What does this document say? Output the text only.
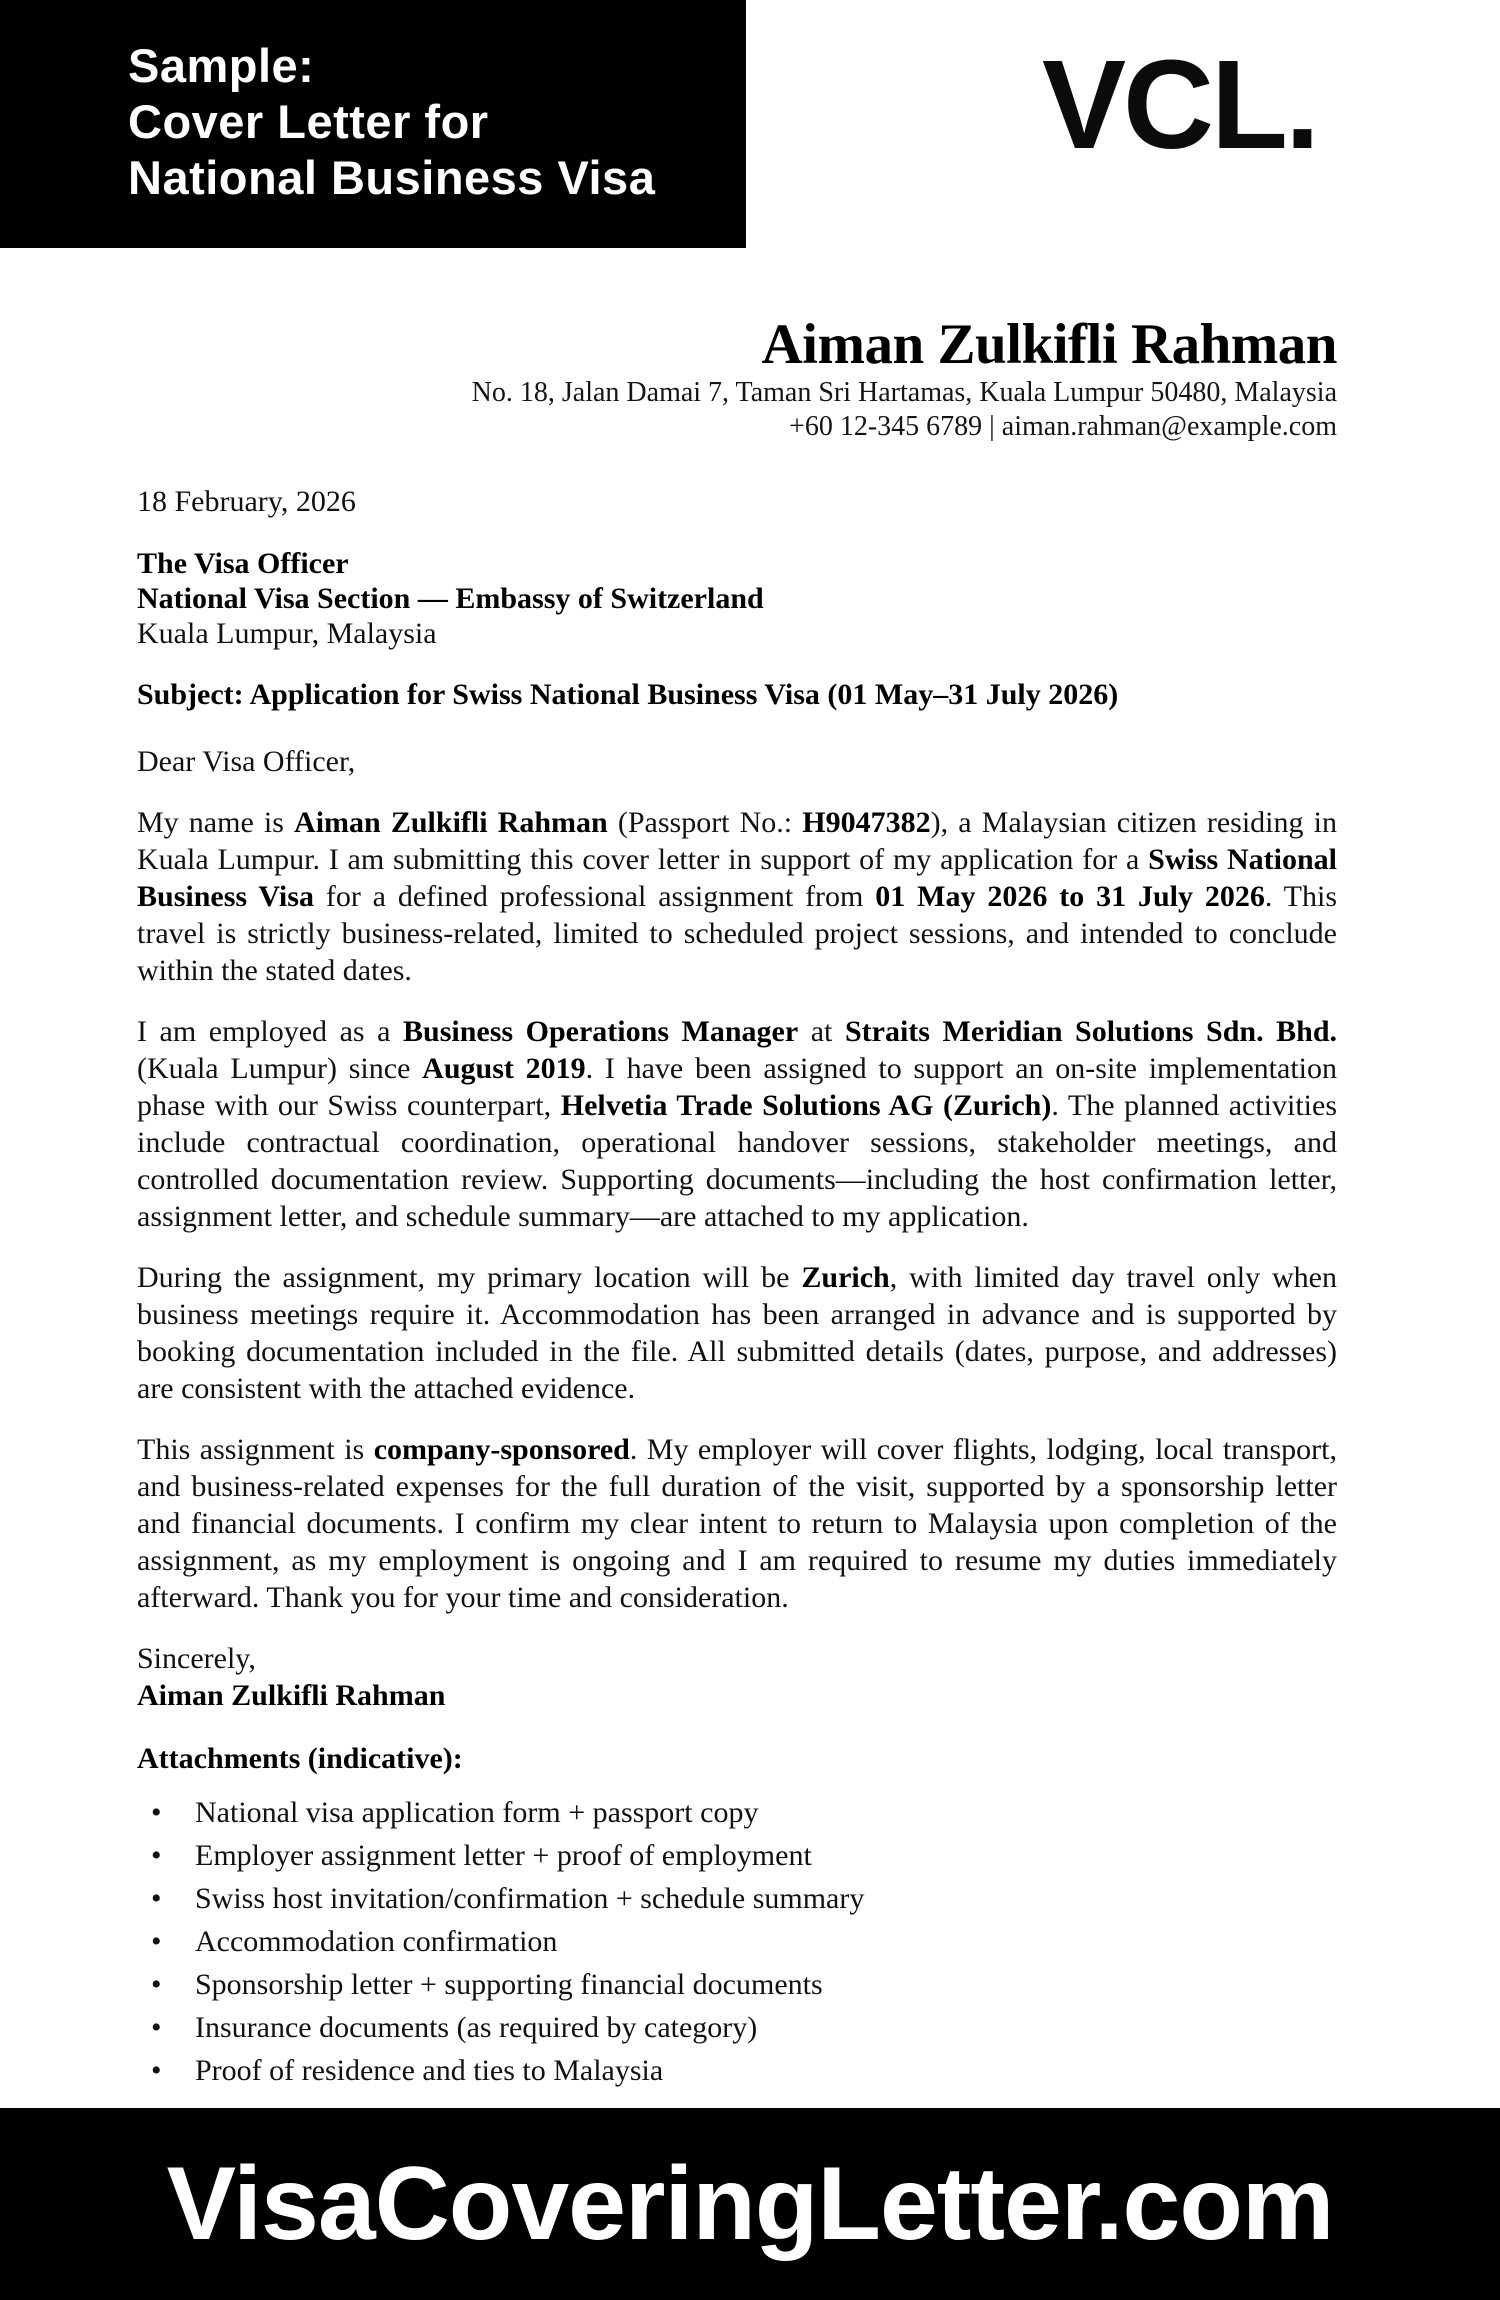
Sample:
Cover Letter for
National Business Visa
VCL.
Aiman Zulkifli Rahman
No. 18, Jalan Damai 7, Taman Sri Hartamas, Kuala Lumpur 50480, Malaysia
+60 12-345 6789 | aiman.rahman@example.com
18 February, 2026
The Visa Officer
National Visa Section — Embassy of Switzerland
Kuala Lumpur, Malaysia
Subject: Application for Swiss National Business Visa (01 May–31 July 2026)
Dear Visa Officer,

My name is Aiman Zulkifli Rahman (Passport No.: H9047382), a Malaysian citizen residing in Kuala Lumpur. I am submitting this cover letter in support of my application for a Swiss National Business Visa for a defined professional assignment from 01 May 2026 to 31 July 2026. This travel is strictly business-related, limited to scheduled project sessions, and intended to conclude within the stated dates.

I am employed as a Business Operations Manager at Straits Meridian Solutions Sdn. Bhd. (Kuala Lumpur) since August 2019. I have been assigned to support an on-site implementation phase with our Swiss counterpart, Helvetia Trade Solutions AG (Zurich). The planned activities include contractual coordination, operational handover sessions, stakeholder meetings, and controlled documentation review. Supporting documents—including the host confirmation letter, assignment letter, and schedule summary—are attached to my application.

During the assignment, my primary location will be Zurich, with limited day travel only when business meetings require it. Accommodation has been arranged in advance and is supported by booking documentation included in the file. All submitted details (dates, purpose, and addresses) are consistent with the attached evidence.

This assignment is company-sponsored. My employer will cover flights, lodging, local transport, and business-related expenses for the full duration of the visit, supported by a sponsorship letter and financial documents. I confirm my clear intent to return to Malaysia upon completion of the assignment, as my employment is ongoing and I am required to resume my duties immediately afterward. Thank you for your time and consideration.

Sincerely,
Aiman Zulkifli Rahman
Attachments (indicative):
• National visa application form + passport copy
• Employer assignment letter + proof of employment
• Swiss host invitation/confirmation + schedule summary
• Accommodation confirmation
• Sponsorship letter + supporting financial documents
• Insurance documents (as required by category)
• Proof of residence and ties to Malaysia
VisaCoveringLetter.com
